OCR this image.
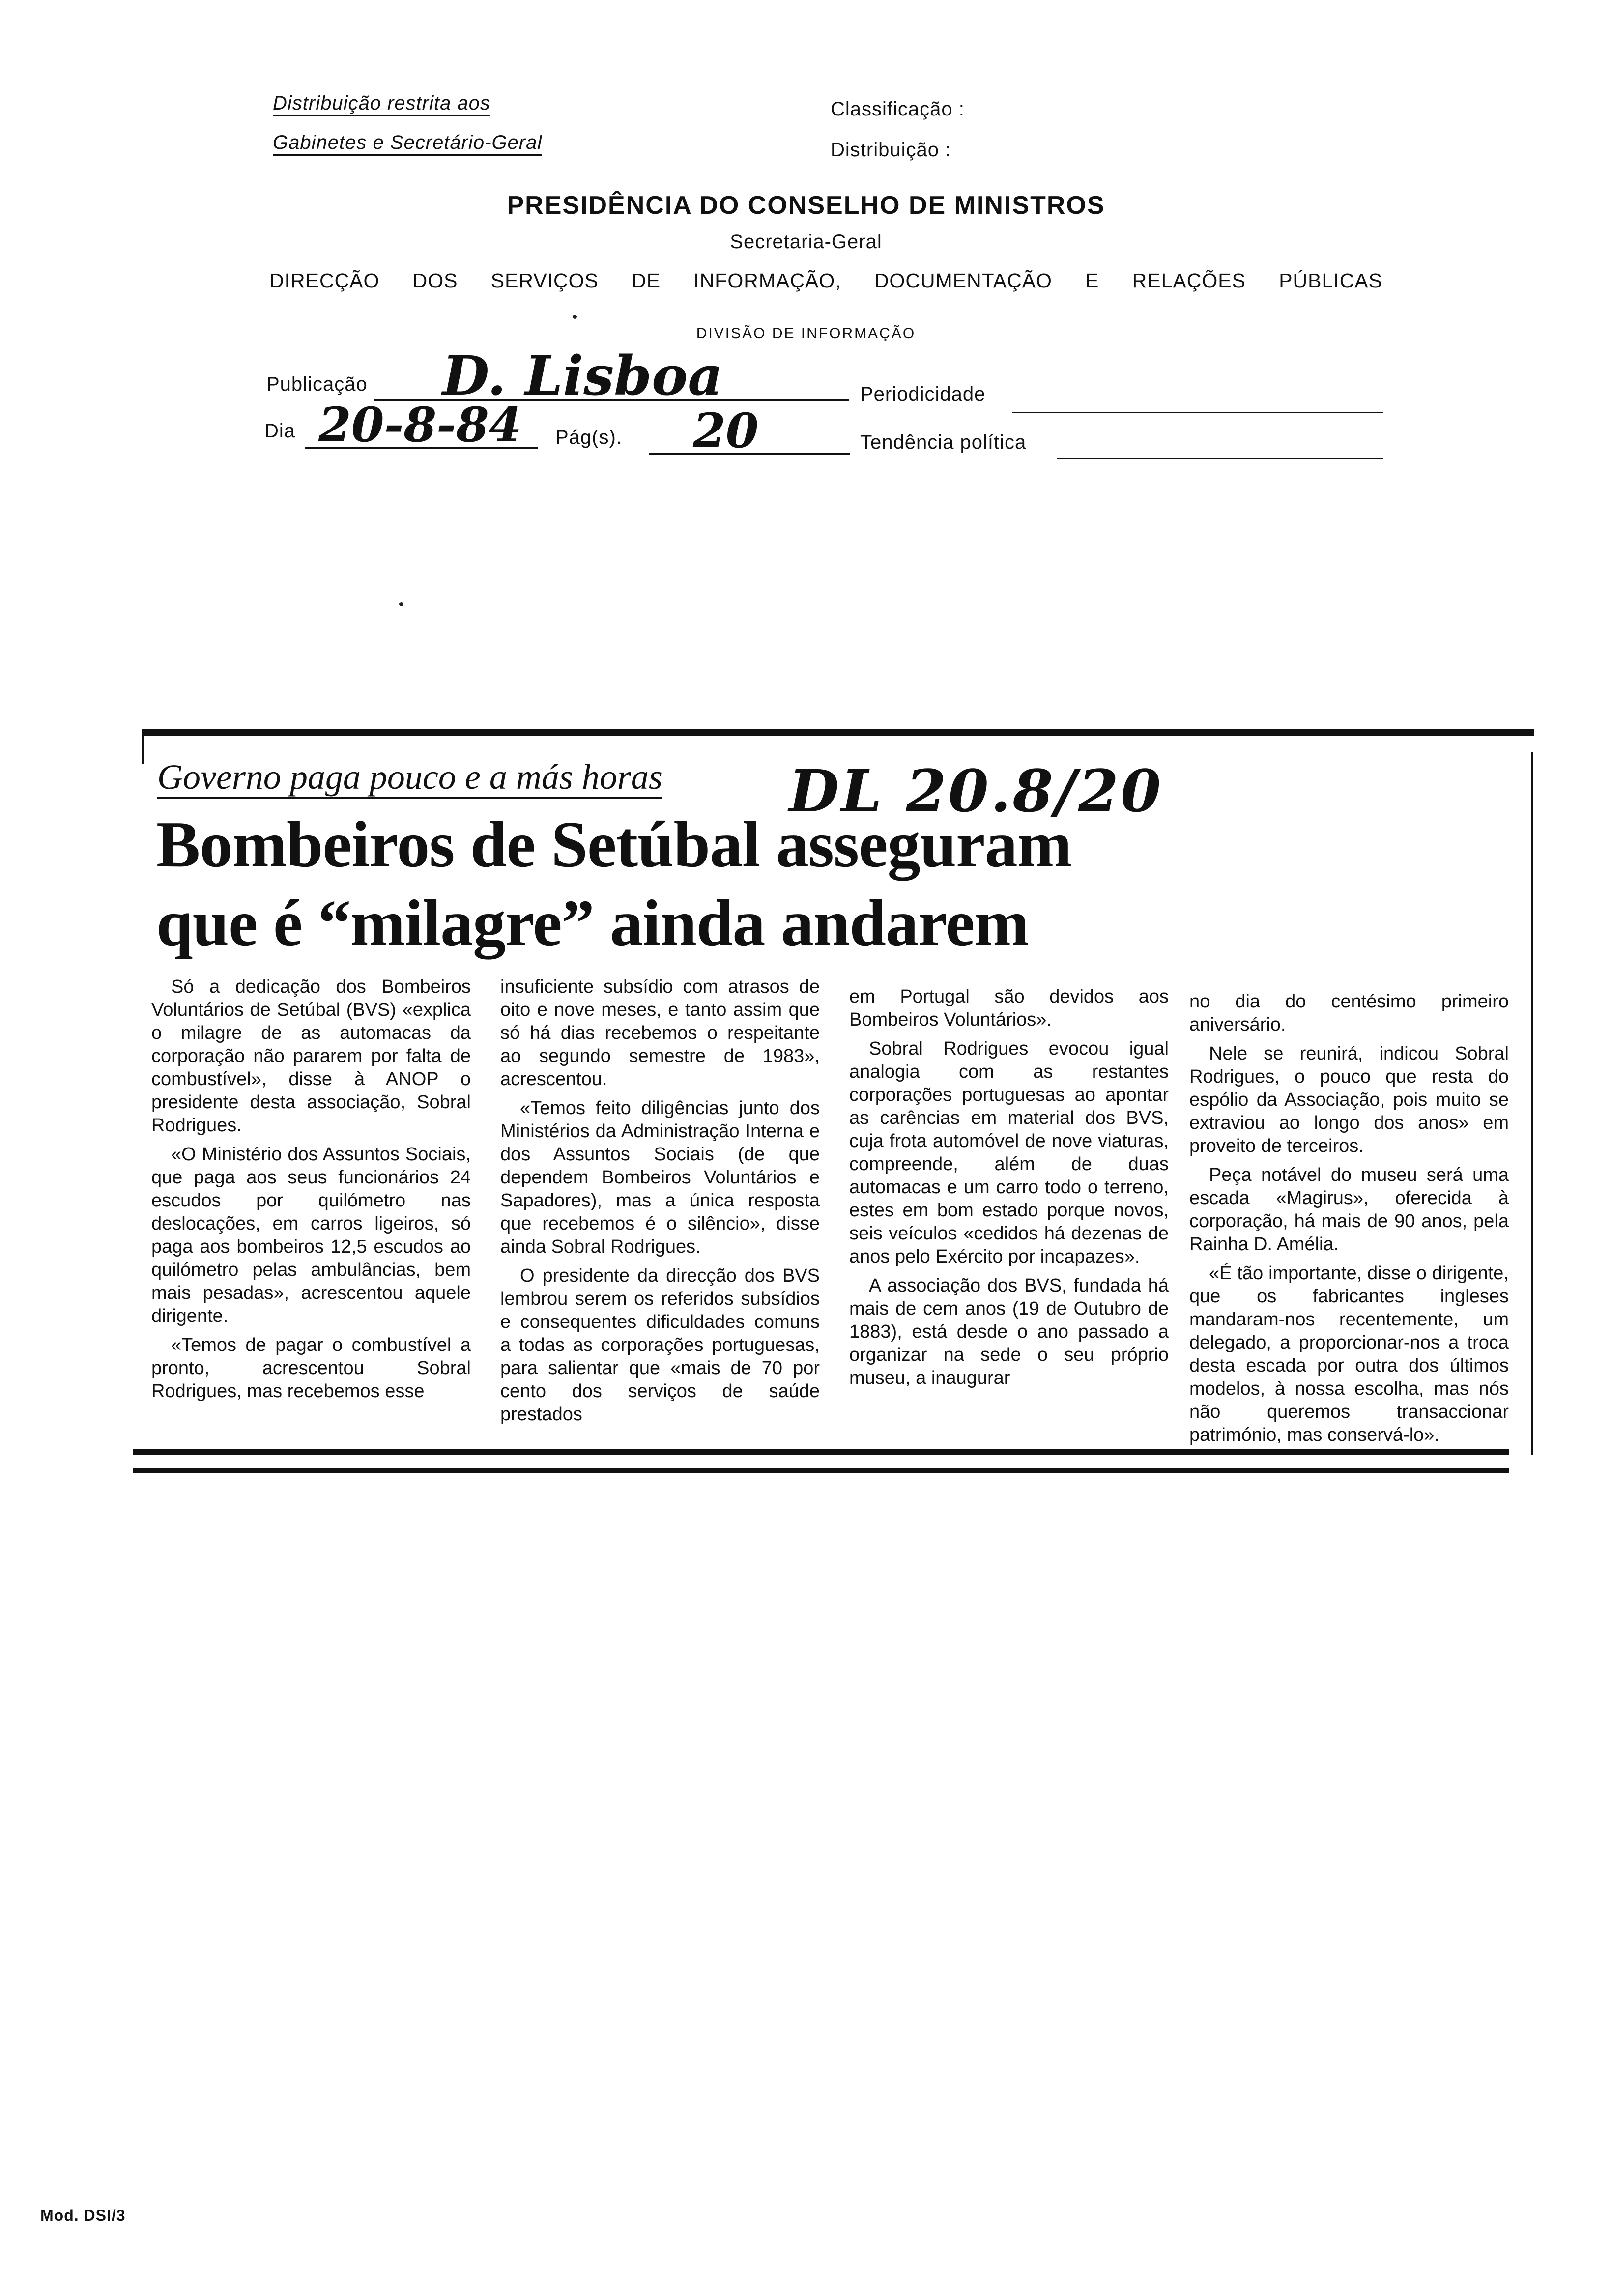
Distribuição restrita aos
Gabinetes e Secretário-Geral
Classificação :
Distribuição :
PRESIDÊNCIA DO CONSELHO DE MINISTROS
Secretaria-Geral
DIRECÇÃO DOS SERVIÇOS DE INFORMAÇÃO, DOCUMENTAÇÃO E RELAÇÕES PÚBLICAS
DIVISÃO DE INFORMAÇÃO
Publicação D. Lisboa	Periodicidade
Dia 20-8-84 Pág(s). 20	Tendência política
Governo paga pouco e a más horas DL 20.8/20
Bombeiros de Setúbal asseguram
que é “milagre” ainda andarem

Só a dedicação dos Bombeiros Voluntários de Setúbal (BVS) «explica o milagre de as automacas da corporação não pararem por falta de combustível», disse à ANOP o presidente desta associação, Sobral Rodrigues.

«O Ministério dos Assuntos Sociais, que paga aos seus funcionários 24 escudos por quilómetro nas deslocações, em carros ligeiros, só paga aos bombeiros 12,5 escudos ao quilómetro pelas ambulâncias, bem mais pesadas», acrescentou aquele dirigente.

«Temos de pagar o combustível a pronto, acrescentou Sobral Rodrigues, mas recebemos esse

insuficiente subsídio com atrasos de oito e nove meses, e tanto assim que só há dias recebemos o respeitante ao segundo semestre de 1983», acrescentou.

«Temos feito diligências junto dos Ministérios da Administração Interna e dos Assuntos Sociais (de que dependem Bombeiros Voluntários e Sapadores), mas a única resposta que recebemos é o silêncio», disse ainda Sobral Rodrigues.

O presidente da direcção dos BVS lembrou serem os referidos subsídios e consequentes dificuldades comuns a todas as corporações portuguesas, para salientar que «mais de 70 por cento dos serviços de saúde prestados

em Portugal são devidos aos Bombeiros Voluntários».

Sobral Rodrigues evocou igual analogia com as restantes corporações portuguesas ao apontar as carências em material dos BVS, cuja frota automóvel de nove viaturas, compreende, além de duas automacas e um carro todo o terreno, estes em bom estado porque novos, seis veículos «cedidos há dezenas de anos pelo Exército por incapazes».

A associação dos BVS, fundada há mais de cem anos (19 de Outubro de 1883), está desde o ano passado a organizar na sede o seu próprio museu, a inaugurar

no dia do centésimo primeiro aniversário.

Nele se reunirá, indicou Sobral Rodrigues, o pouco que resta do espólio da Associação, pois muito se extraviou ao longo dos anos» em proveito de terceiros.

Peça notável do museu será uma escada «Magirus», oferecida à corporação, há mais de 90 anos, pela Rainha D. Amélia.

«É tão importante, disse o dirigente, que os fabricantes ingleses mandaram-nos recentemente, um delegado, a proporcionar-nos a troca desta escada por outra dos últimos modelos, à nossa escolha, mas nós não queremos transaccionar património, mas conservá-lo».

Mod. DSI/3
